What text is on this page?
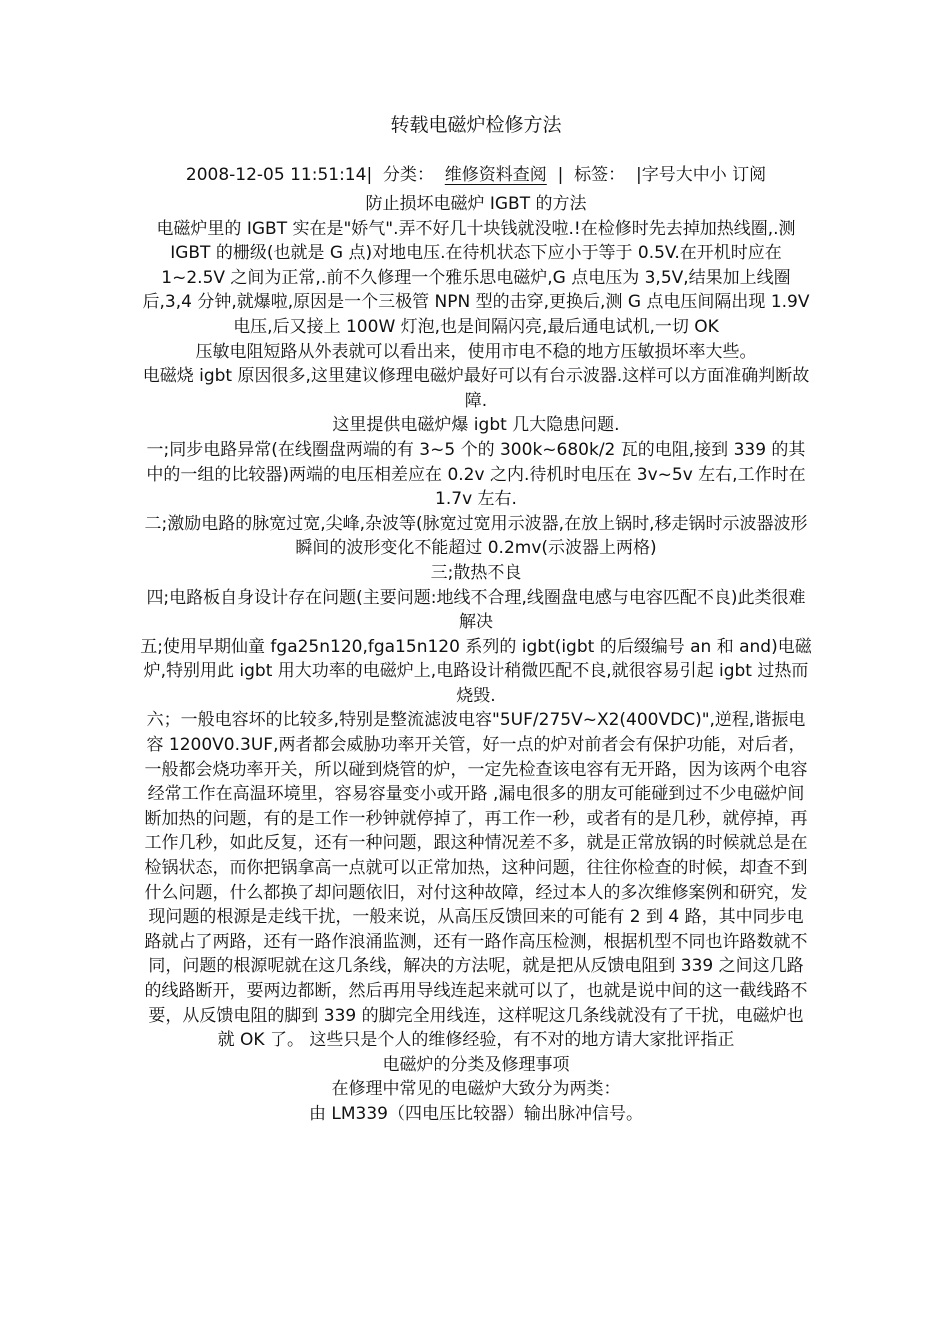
转载电磁炉检修方法
2008-12-05 11:51:14| 分类： 维修资料查阅 | 标签： |字号大中小 订阅

防止损坏电磁炉 IGBT 的方法

电磁炉里的 IGBT 实在是"娇气".弄不好几十块钱就没啦.!在检修时先去掉加热线圈,.测 IGBT 的栅级(也就是 G 点)对地电压.在待机状态下应小于等于 0.5V.在开机时应在 1~2.5V 之间为正常,.前不久修理一个雅乐思电磁炉,G 点电压为 3,5V,结果加上线圈后,3,4 分钟,就爆啦,原因是一个三极管 NPN 型的击穿,更换后,测 G 点电压间隔出现 1.9V 电压,后又接上 100W 灯泡,也是间隔闪亮,最后通电试机,一切 OK

压敏电阻短路从外表就可以看出来，使用市电不稳的地方压敏损坏率大些。

电磁烧 igbt 原因很多,这里建议修理电磁炉最好可以有台示波器.这样可以方面准确判断故障.

这里提供电磁炉爆 igbt 几大隐患问题.

一;同步电路异常(在线圈盘两端的有 3~5 个的 300k~680k/2 瓦的电阻,接到 339 的其中的一组的比较器)两端的电压相差应在 0.2v 之内.待机时电压在 3v~5v 左右,工作时在 1.7v 左右.

二;激励电路的脉宽过宽,尖峰,杂波等(脉宽过宽用示波器,在放上锅时,移走锅时示波器波形瞬间的波形变化不能超过 0.2mv(示波器上两格)

三;散热不良

四;电路板自身设计存在问题(主要问题:地线不合理,线圈盘电感与电容匹配不良)此类很难解决

五;使用早期仙童 fga25n120,fga15n120 系列的 igbt(igbt 的后缀编号 an 和 and)电磁炉,特别用此 igbt 用大功率的电磁炉上,电路设计稍微匹配不良,就很容易引起 igbt 过热而烧毁.

六；一般电容坏的比较多,特别是整流滤波电容"5UF/275V~X2(400VDC)",逆程,谐振电容 1200V0.3UF,两者都会威胁功率开关管，好一点的炉对前者会有保护功能，对后者，一般都会烧功率开关，所以碰到烧管的炉，一定先检查该电容有无开路，因为该两个电容经常工作在高温环境里，容易容量变小或开路 ,漏电很多的朋友可能碰到过不少电磁炉间断加热的问题，有的是工作一秒钟就停掉了，再工作一秒，或者有的是几秒，就停掉，再工作几秒，如此反复，还有一种问题，跟这种情况差不多，就是正常放锅的时候就总是在检锅状态，而你把锅拿高一点就可以正常加热，这种问题，往往你检查的时候，却查不到什么问题，什么都换了却问题依旧，对付这种故障，经过本人的多次维修案例和研究，发现问题的根源是走线干扰，一般来说，从高压反馈回来的可能有 2 到 4 路，其中同步电路就占了两路，还有一路作浪涌监测，还有一路作高压检测，根据机型不同也许路数就不同，问题的根源呢就在这几条线，解决的方法呢，就是把从反馈电阻到 339 之间这几路的线路断开，要两边都断，然后再用导线连起来就可以了，也就是说中间的这一截线路不要，从反馈电阻的脚到 339 的脚完全用线连，这样呢这几条线就没有了干扰，电磁炉也就 OK 了。 这些只是个人的维修经验，有不对的地方请大家批评指正

电磁炉的分类及修理事项

在修理中常见的电磁炉大致分为两类：

由 LM339（四电压比较器）输出脉冲信号。
